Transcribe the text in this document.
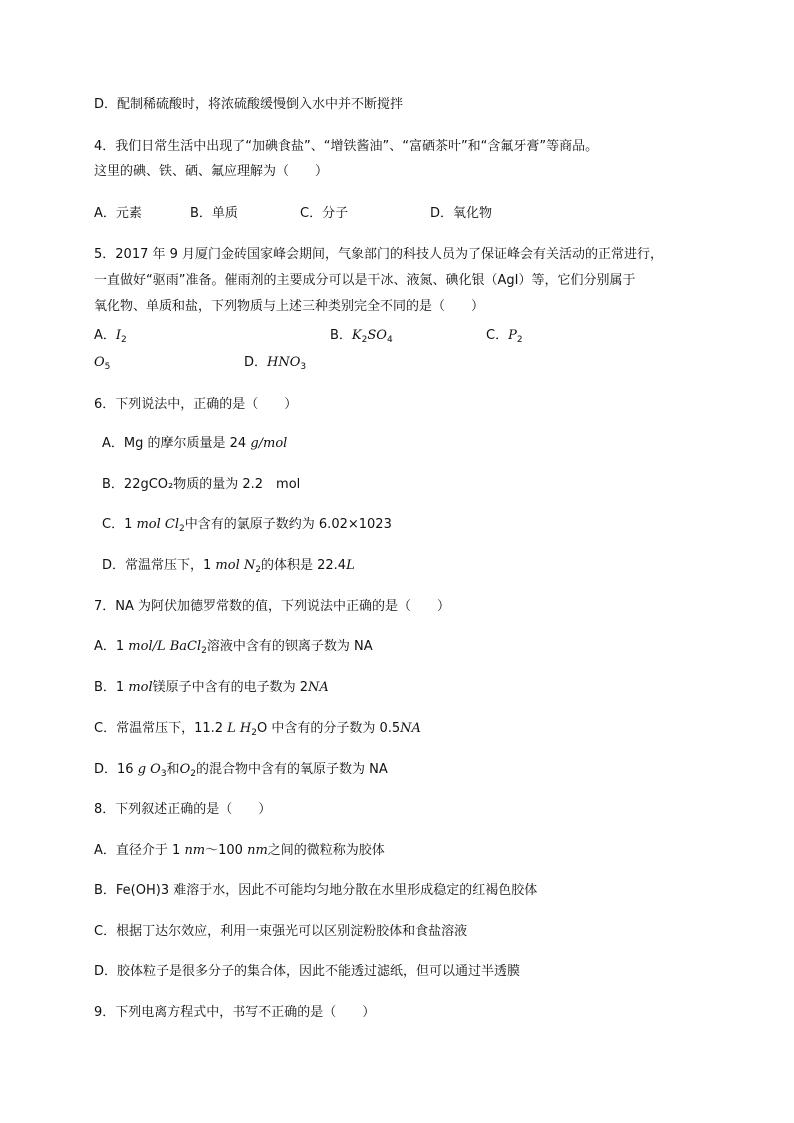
D．配制稀硫酸时，将浓硫酸缓慢倒入水中并不断搅拌
4．我们日常生活中出现了“加碘食盐”、“增铁酱油”、“富硒茶叶”和“含氟牙膏”等商品。
这里的碘、铁、硒、氟应理解为（　　）
A．元素	B．单质	C．分子	D．氧化物
5．2017 年 9 月厦门金砖国家峰会期间，气象部门的科技人员为了保证峰会有关活动的正常进行，
一直做好“驱雨”准备。催雨剂的主要成分可以是干冰、液氮、碘化银（AgI）等，它们分别属于
氧化物、单质和盐，下列物质与上述三种类别完全不同的是（　　）
A．$I_2$	B．$K_2SO_4$	C．$P_2$
$O_5$	D．$HNO_3$
6．下列说法中，正确的是（　　）
A．Mg 的摩尔质量是 24 g/mol
B．22gCO₂物质的量为 2.2　mol
C．1 mol $Cl_2$中含有的氯原子数约为 6.02×1023
D．常温常压下，1 mol $N_2$的体积是 22.4L
7．NA 为阿伏加德罗常数的值，下列说法中正确的是（　　）
A．1 mol/L BaCl$_2$溶液中含有的钡离子数为 NA
B．1 mol镁原子中含有的电子数为 2NA
C．常温常压下，11.2 L $H_2O$ 中含有的分子数为 0.5NA
D．16 g $O_3$和$O_2$的混合物中含有的氧原子数为 NA
8．下列叙述正确的是（　　）
A．直径介于 1 nm～100 nm之间的微粒称为胶体
B．Fe(OH)3 难溶于水，因此不可能均匀地分散在水里形成稳定的红褐色胶体
C．根据丁达尔效应，利用一束强光可以区别淀粉胶体和食盐溶液
D．胶体粒子是很多分子的集合体，因此不能透过滤纸，但可以通过半透膜
9．下列电离方程式中，书写不正确的是（　　）
